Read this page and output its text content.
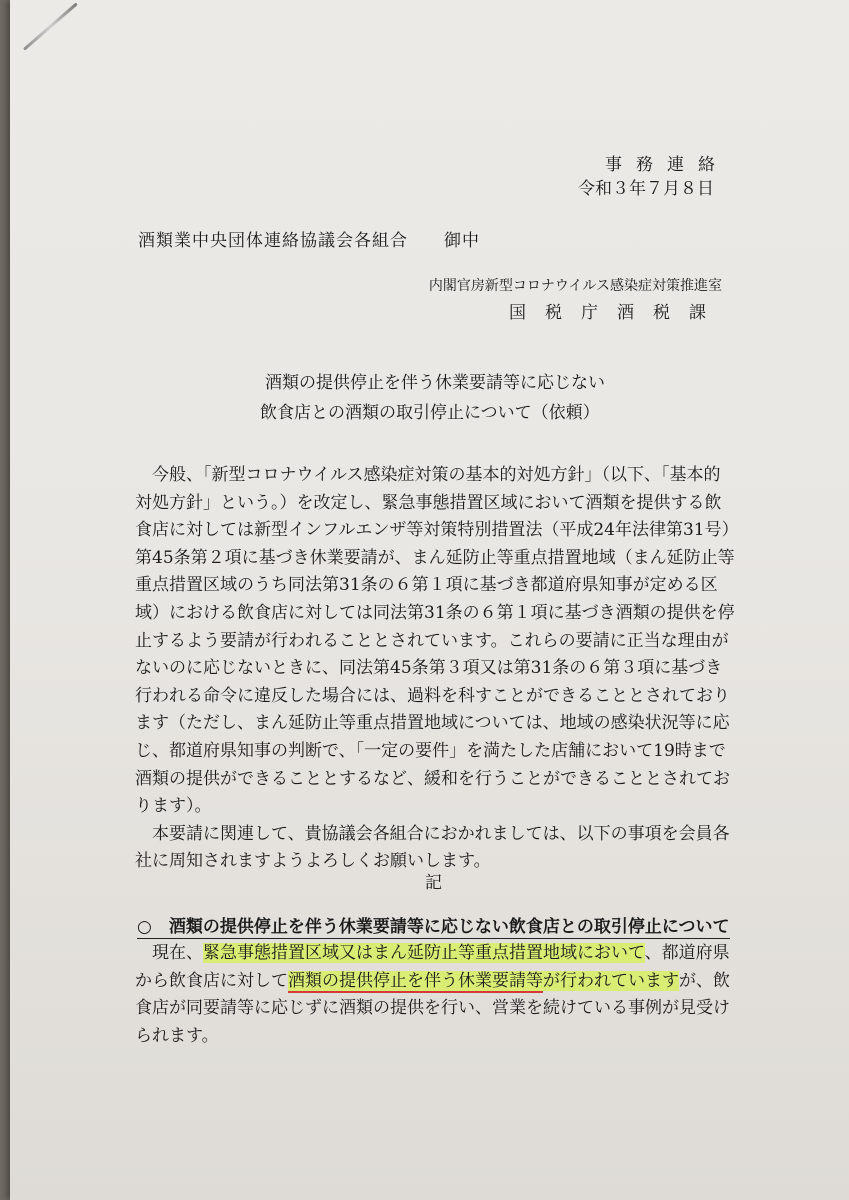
事務連絡
令和３年７月８日
酒類業中央団体連絡協議会各組合　　御中
内閣官房新型コロナウイルス感染症対策推進室
国税庁酒税課
酒類の提供停止を伴う休業要請等に応じない
飲食店との酒類の取引停止について（依頼）

　今般、「新型コロナウイルス感染症対策の基本的対処方針」（以下、「基本的対処方針」という。）を改定し、緊急事態措置区域において酒類を提供する飲食店に対しては新型インフルエンザ等対策特別措置法（平成24年法律第31号）第45条第２項に基づき休業要請が、まん延防止等重点措置地域（まん延防止等重点措置区域のうち同法第31条の６第１項に基づき都道府県知事が定める区域）における飲食店に対しては同法第31条の６第１項に基づき酒類の提供を停止するよう要請が行われることとされています。これらの要請に正当な理由がないのに応じないときに、同法第45条第３項又は第31条の６第３項に基づき行われる命令に違反した場合には、過料を科すことができることとされております（ただし、まん延防止等重点措置地域については、地域の感染状況等に応じ、都道府県知事の判断で、「一定の要件」を満たした店舗において19時まで酒類の提供ができることとするなど、緩和を行うことができることとされております）。

　本要請に関連して、貴協議会各組合におかれましては、以下の事項を会員各社に周知されますようよろしくお願いします。

記
○　酒類の提供停止を伴う休業要請等に応じない飲食店との取引停止について

　現在、緊急事態措置区域又はまん延防止等重点措置地域において、都道府県から飲食店に対して酒類の提供停止を伴う休業要請等が行われていますが、飲食店が同要請等に応じずに酒類の提供を行い、営業を続けている事例が見受けられます。
